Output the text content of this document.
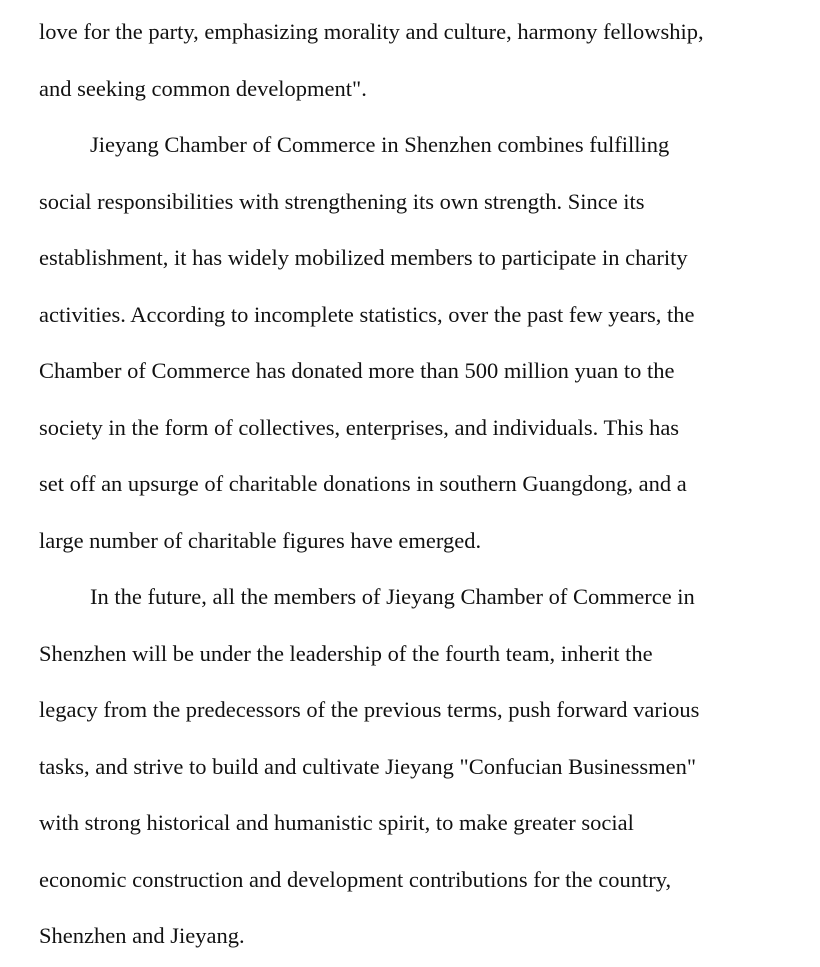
love for the party, emphasizing morality and culture, harmony fellowship,
and seeking common development".
Jieyang Chamber of Commerce in Shenzhen combines fulfilling
social responsibilities with strengthening its own strength. Since its
establishment, it has widely mobilized members to participate in charity
activities. According to incomplete statistics, over the past few years, the
Chamber of Commerce has donated more than 500 million yuan to the
society in the form of collectives, enterprises, and individuals. This has
set off an upsurge of charitable donations in southern Guangdong, and a
large number of charitable figures have emerged.
In the future, all the members of Jieyang Chamber of Commerce in
Shenzhen will be under the leadership of the fourth team, inherit the
legacy from the predecessors of the previous terms, push forward various
tasks, and strive to build and cultivate Jieyang "Confucian Businessmen"
with strong historical and humanistic spirit, to make greater social
economic construction and development contributions for the country,
Shenzhen and Jieyang.
